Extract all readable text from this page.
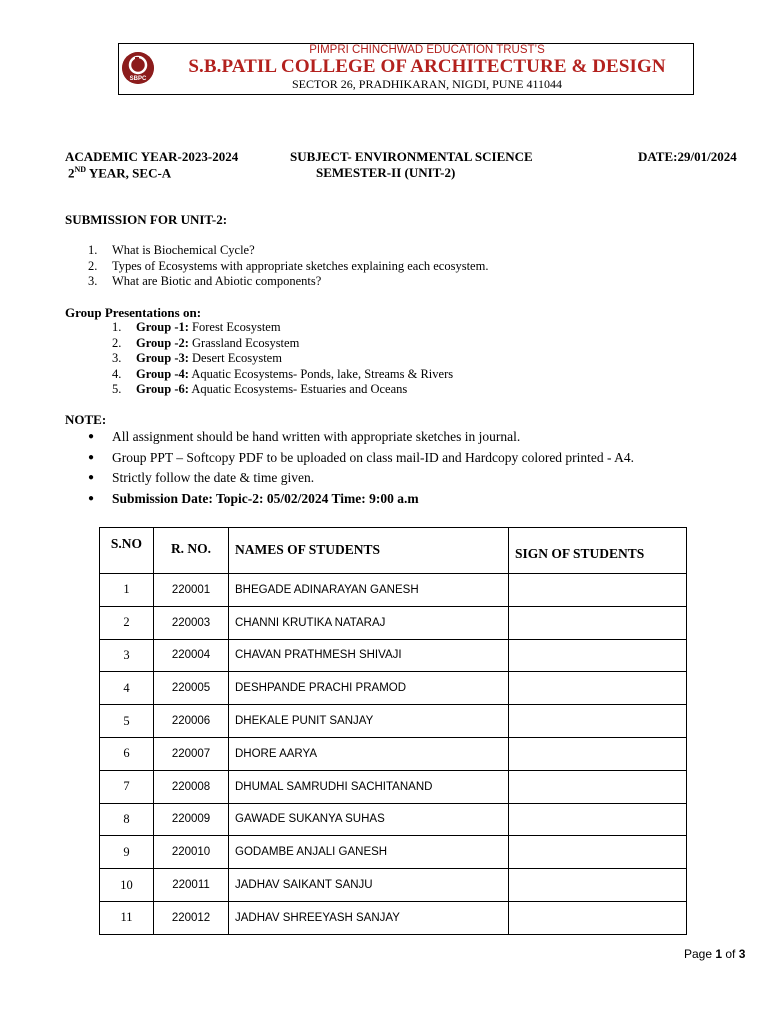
SBPC
PIMPRI CHINCHWAD EDUCATION TRUST’S
S.B.PATIL COLLEGE OF ARCHITECTURE & DESIGN
SECTOR 26, PRADHIKARAN, NIGDI, PUNE 411044
ACADEMIC YEAR-2023-2024
2ND YEAR, SEC-A
SUBJECT- ENVIRONMENTAL SCIENCE
SEMESTER-II (UNIT-2)
DATE:29/01/2024
SUBMISSION FOR UNIT-2:
1. What is Biochemical Cycle?
2. Types of Ecosystems with appropriate sketches explaining each ecosystem.
3. What are Biotic and Abiotic components?
Group Presentations on:
1. Group -1: Forest Ecosystem
2. Group -2: Grassland Ecosystem
3. Group -3: Desert Ecosystem
4. Group -4: Aquatic Ecosystems- Ponds, lake, Streams & Rivers
5. Group -6: Aquatic Ecosystems- Estuaries and Oceans
NOTE:
● All assignment should be hand written with appropriate sketches in journal.
● Group PPT – Softcopy PDF to be uploaded on class mail-ID and Hardcopy colored printed - A4.
● Strictly follow the date & time given.
● Submission Date: Topic-2: 05/02/2024 Time: 9:00 a.m
S.NO	R. NO.	NAMES OF STUDENTS	SIGN OF STUDENTS
1	220001	BHEGADE ADINARAYAN GANESH	
2	220003	CHANNI KRUTIKA NATARAJ	
3	220004	CHAVAN PRATHMESH SHIVAJI	
4	220005	DESHPANDE PRACHI PRAMOD	
5	220006	DHEKALE PUNIT SANJAY	
6	220007	DHORE AARYA	
7	220008	DHUMAL SAMRUDHI SACHITANAND	
8	220009	GAWADE SUKANYA SUHAS	
9	220010	GODAMBE ANJALI GANESH	
10	220011	JADHAV SAIKANT SANJU	
11	220012	JADHAV SHREEYASH SANJAY	
Page 1 of 3
